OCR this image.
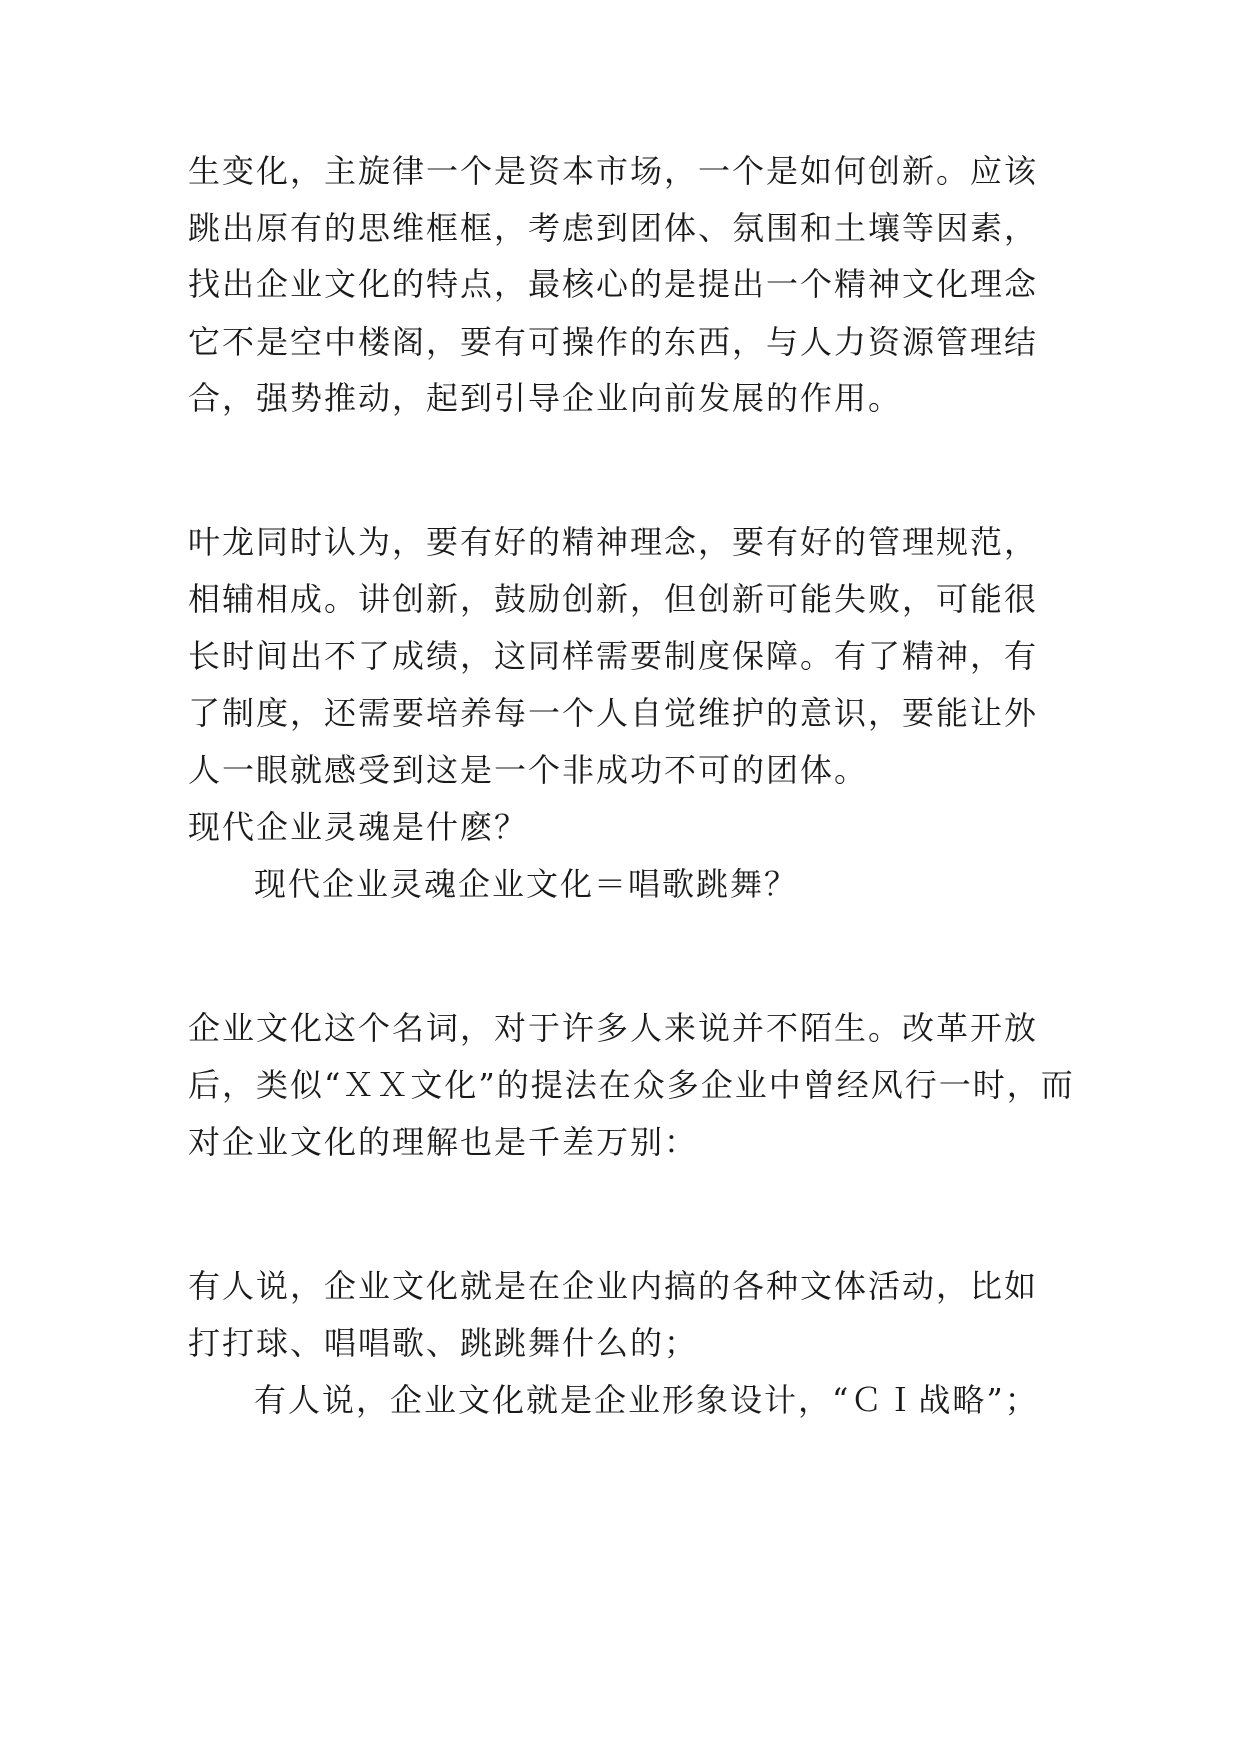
生变化，主旋律一个是资本市场，一个是如何创新。应该
跳出原有的思维框框，考虑到团体、氛围和土壤等因素，
找出企业文化的特点，最核心的是提出一个精神文化理念
它不是空中楼阁，要有可操作的东西，与人力资源管理结
合，强势推动，起到引导企业向前发展的作用。
叶龙同时认为，要有好的精神理念，要有好的管理规范，
相辅相成。讲创新，鼓励创新，但创新可能失败，可能很
长时间出不了成绩，这同样需要制度保障。有了精神，有
了制度，还需要培养每一个人自觉维护的意识，要能让外
人一眼就感受到这是一个非成功不可的团体。
现代企业灵魂是什麽？
现代企业灵魂企业文化＝唱歌跳舞？
企业文化这个名词，对于许多人来说并不陌生。改革开放
后，类似“ＸＸ文化”的提法在众多企业中曾经风行一时，而
对企业文化的理解也是千差万别：
有人说，企业文化就是在企业内搞的各种文体活动，比如
打打球、唱唱歌、跳跳舞什么的；
有人说，企业文化就是企业形象设计，“ＣＩ战略”；
